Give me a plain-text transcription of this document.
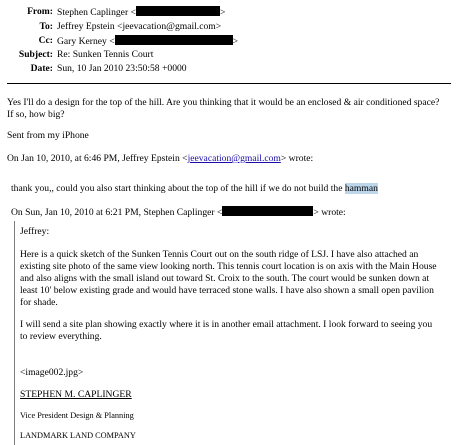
From: Stephen Caplinger <	>
To: Jeffrey Epstein <jeevacation@gmail.com>
Cc: Gary Kerney <	>
Subject: Re: Sunken Tennis Court
Date: Sun, 10 Jan 2010 23:50:58 +0000
Yes I'll do a design for the top of the hill. Are you thinking that it would be an enclosed & air conditioned space?
If so, how big?
Sent from my iPhone
On Jan 10, 2010, at 6:46 PM, Jeffrey Epstein <jeevacation@gmail.com> wrote:
thank you,, could you also start thinking about the top of the hill if we do not build the hamman
On Sun, Jan 10, 2010 at 6:21 PM, Stephen Caplinger <	> wrote:
Jeffrey:
Here is a quick sketch of the Sunken Tennis Court out on the south ridge of LSJ. I have also attached an
existing site photo of the same view looking north. This tennis court location is on axis with the Main House
and also aligns with the small island out toward St. Croix to the south. The court would be sunken down at
least 10' below existing grade and would have terraced stone walls. I have also shown a small open pavilion
for shade.
I will send a site plan showing exactly where it is in another email attachment. I look forward to seeing you
to review everything.
<image002.jpg>
STEPHEN M. CAPLINGER
Vice President Design & Planning
LANDMARK LAND COMPANY
